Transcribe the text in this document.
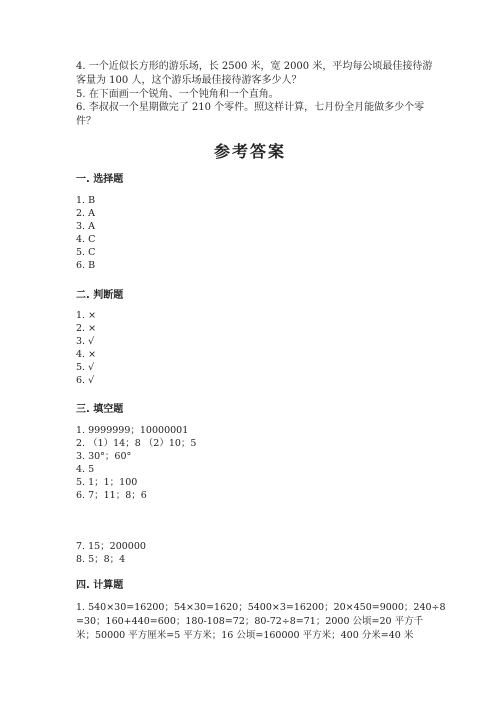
4. 一个近似长方形的游乐场，长 2500 米，宽 2000 米，平均每公顷最佳接待游
客量为 100 人，这个游乐场最佳接待游客多少人？
5. 在下面画一个锐角、一个钝角和一个直角。
6. 李叔叔一个星期做完了 210 个零件。照这样计算，七月份全月能做多少个零
件？
参考答案
一. 选择题
1. B
2. A
3. A
4. C
5. C
6. B
二. 判断题
1. ×
2. ×
3. √
4. ×
5. √
6. √
三. 填空题
1. 9999999；10000001
2. （1）14；8 （2）10；5
3. 30°；60°
4. 5
5. 1；1；100
6. 7；11；8；6
7. 15；200000
8. 5；8；4
四. 计算题
1. 540×30=16200；54×30=1620；5400×3=16200；20×450=9000；240÷8
=30；160+440=600；180-108=72；80-72÷8=71；2000 公顷=20 平方千
米；50000 平方厘米=5 平方米；16 公顷=160000 平方米；400 分米=40 米
